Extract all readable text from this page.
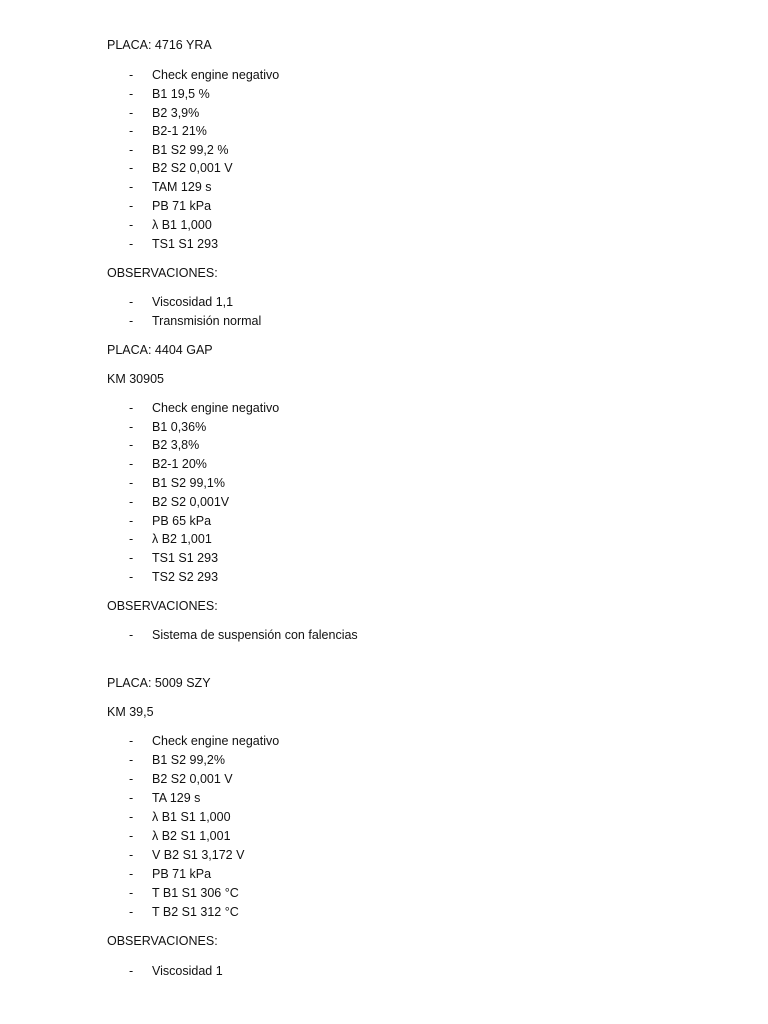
PLACA: 4716 YRA
- Check engine negativo
- B1 19,5 %
- B2 3,9%
- B2-1 21%
- B1 S2 99,2 %
- B2 S2 0,001 V
- TAM 129 s
- PB 71 kPa
- λ B1 1,000
- TS1 S1 293
OBSERVACIONES:
- Viscosidad 1,1
- Transmisión normal
PLACA: 4404 GAP
KM 30905
- Check engine negativo
- B1 0,36%
- B2 3,8%
- B2-1 20%
- B1 S2 99,1%
- B2 S2 0,001V
- PB 65 kPa
- λ B2 1,001
- TS1 S1 293
- TS2 S2 293
OBSERVACIONES:
- Sistema de suspensión con falencias
PLACA: 5009 SZY
KM 39,5
- Check engine negativo
- B1 S2 99,2%
- B2 S2 0,001 V
- TA 129 s
- λ B1 S1 1,000
- λ B2 S1 1,001
- V B2 S1 3,172 V
- PB 71 kPa
- T B1 S1 306 °C
- T B2 S1 312 °C
OBSERVACIONES:
- Viscosidad 1
